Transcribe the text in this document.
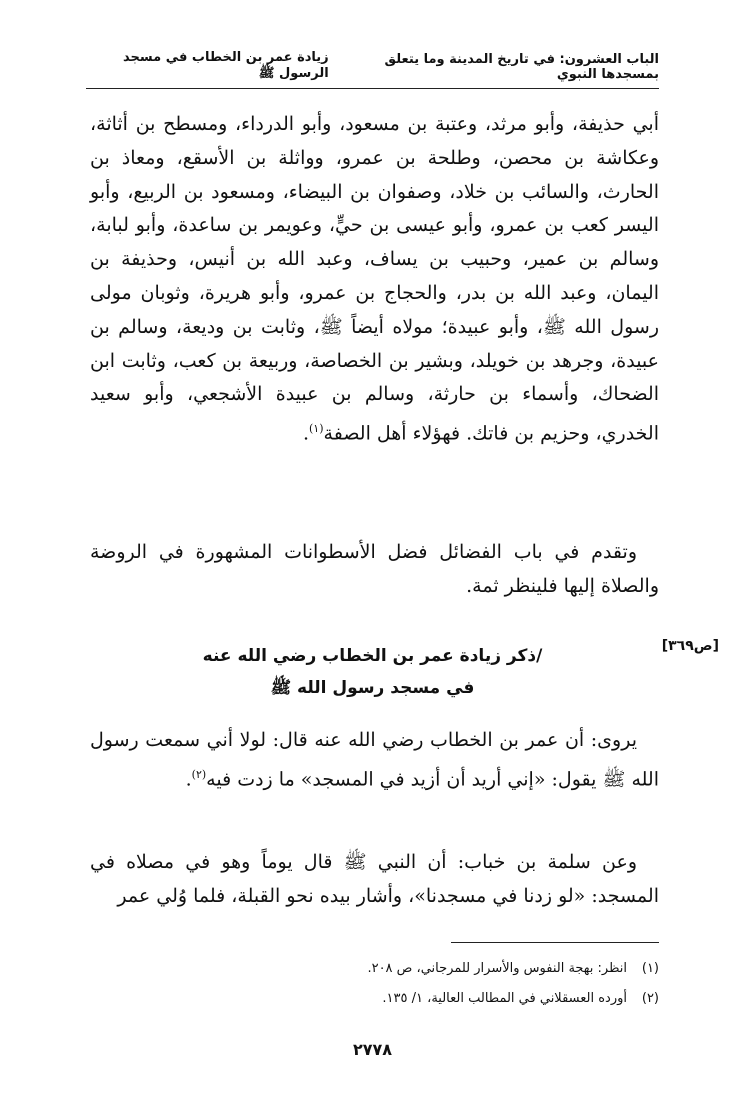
الباب العشرون: في تاريخ المدينة وما يتعلق بمسجدها النبوي
زيادة عمر بن الخطاب في مسجد الرسول ﷺ
أبي حذيفة، وأبو مرثد، وعتبة بن مسعود، وأبو الدرداء، ومسطح بن أثاثة، وعكاشة بن محصن، وطلحة بن عمرو، وواثلة بن الأسقع، ومعاذ بن الحارث، والسائب بن خلاد، وصفوان بن البيضاء، ومسعود بن الربيع، وأبو اليسر كعب بن عمرو، وأبو عيسى بن حيٍّ، وعويمر بن ساعدة، وأبو لبابة، وسالم بن عمير، وحبيب بن يساف، وعبد الله بن أنيس، وحذيفة بن اليمان، وعبد الله بن بدر، والحجاج بن عمرو، وأبو هريرة، وثوبان مولى رسول الله ﷺ، وأبو عبيدة؛ مولاه أيضاً ﷺ، وثابت بن وديعة، وسالم بن عبيدة، وجرهد بن خويلد، وبشير بن الخصاصة، وربيعة بن كعب، وثابت ابن الضحاك، وأسماء بن حارثة، وسالم بن عبيدة الأشجعي، وأبو سعيد الخدري، وحزيم بن فاتك. فهؤلاء أهل الصفة$^{(١)}$.
وتقدم في باب الفضائل فضل الأسطوانات المشهورة في الروضة والصلاة إليها فلينظر ثمة.
[ص٣٦٩]
/ذكر زيادة عمر بن الخطاب رضي الله عنه
في مسجد رسول الله ﷺ
يروى: أن عمر بن الخطاب رضي الله عنه قال: لولا أني سمعت رسول الله ﷺ يقول: «إني أريد أن أزيد في المسجد» ما زدت فيه$^{(٢)}$.
وعن سلمة بن خباب: أن النبي ﷺ قال يوماً وهو في مصلاه في المسجد: «لو زدنا في مسجدنا»، وأشار بيده نحو القبلة، فلما وُلي عمر
(١)
انظر: بهجة النفوس والأسرار للمرجاني، ص ٢٠٨.
(٢)
أورده العسقلاني في المطالب العالية، ١/ ١٣٥.
٢٧٧٨
